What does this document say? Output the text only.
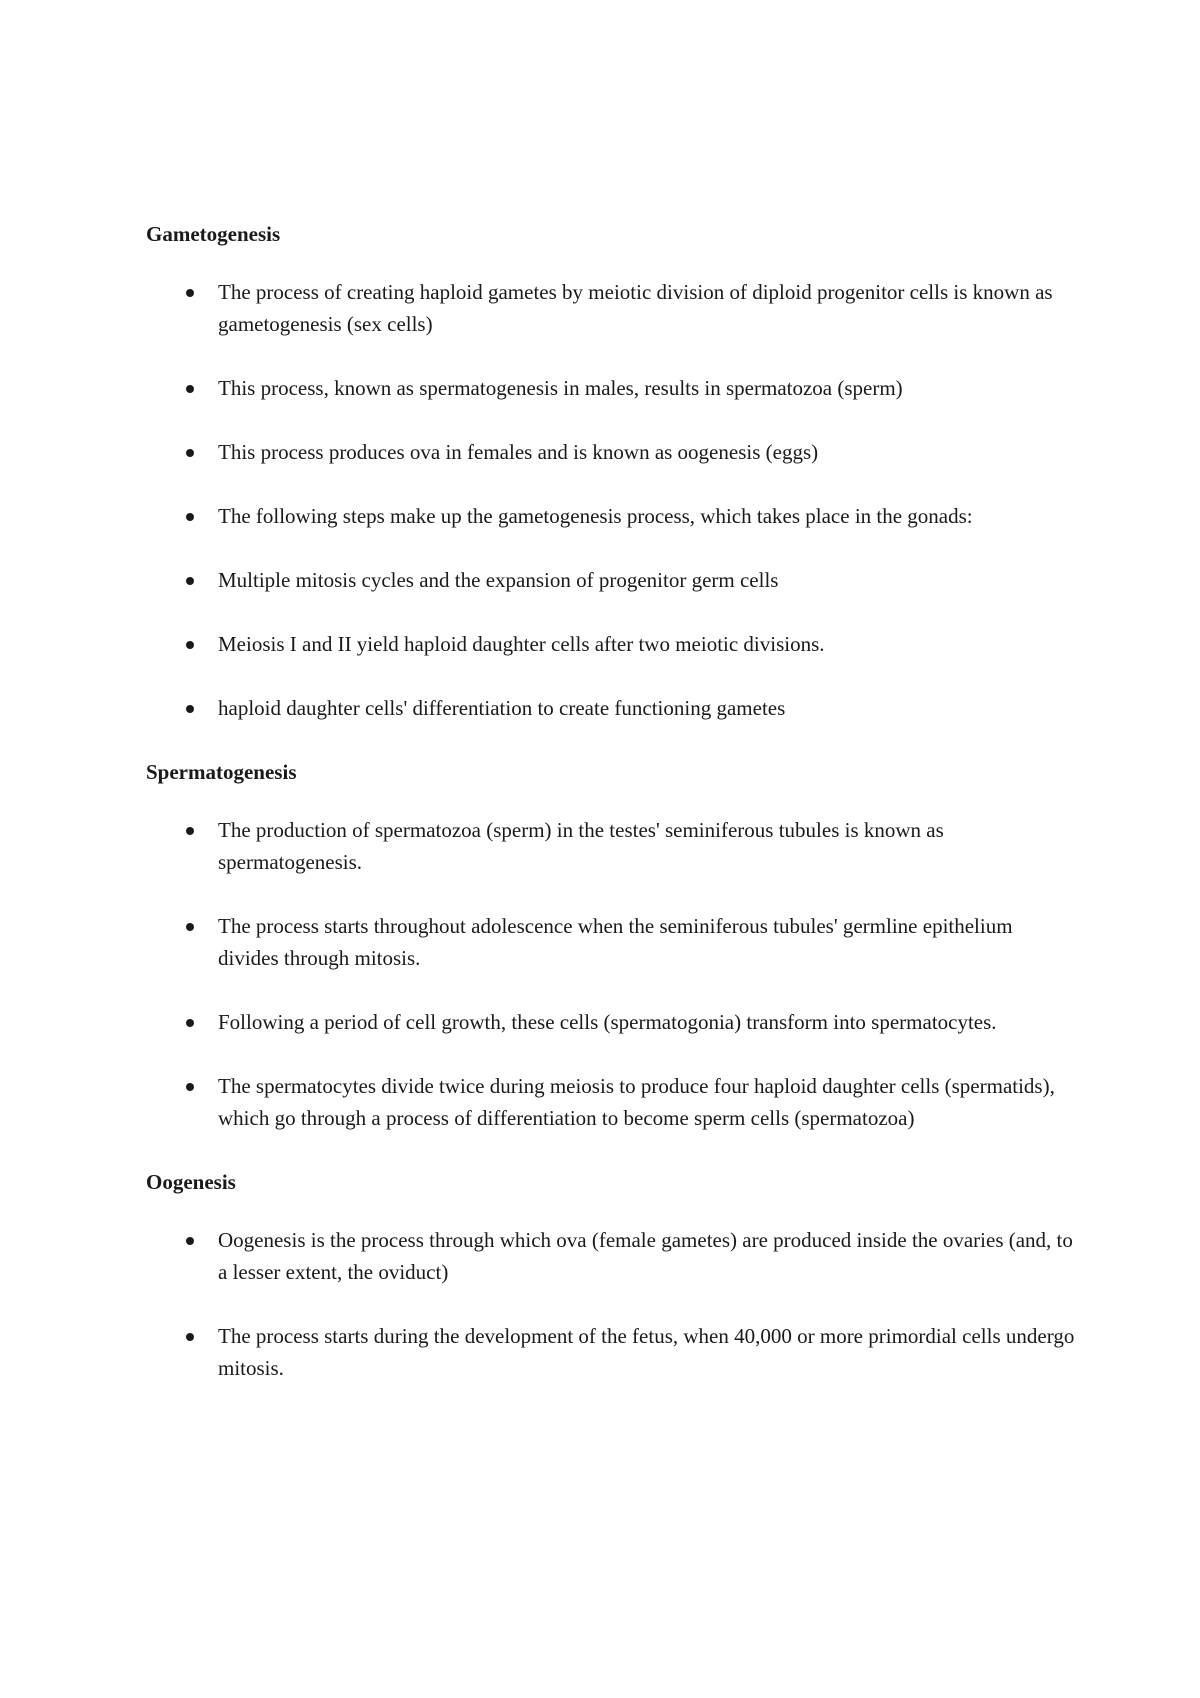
Gametogenesis
The process of creating haploid gametes by meiotic division of diploid progenitor cells is known as gametogenesis (sex cells)
This process, known as spermatogenesis in males, results in spermatozoa (sperm)
This process produces ova in females and is known as oogenesis (eggs)
The following steps make up the gametogenesis process, which takes place in the gonads:
Multiple mitosis cycles and the expansion of progenitor germ cells
Meiosis I and II yield haploid daughter cells after two meiotic divisions.
haploid daughter cells' differentiation to create functioning gametes
Spermatogenesis
The production of spermatozoa (sperm) in the testes' seminiferous tubules is known as spermatogenesis.
The process starts throughout adolescence when the seminiferous tubules' germline epithelium divides through mitosis.
Following a period of cell growth, these cells (spermatogonia) transform into spermatocytes.
The spermatocytes divide twice during meiosis to produce four haploid daughter cells (spermatids), which go through a process of differentiation to become sperm cells (spermatozoa)
Oogenesis
Oogenesis is the process through which ova (female gametes) are produced inside the ovaries (and, to a lesser extent, the oviduct)
The process starts during the development of the fetus, when 40,000 or more primordial cells undergo mitosis.
